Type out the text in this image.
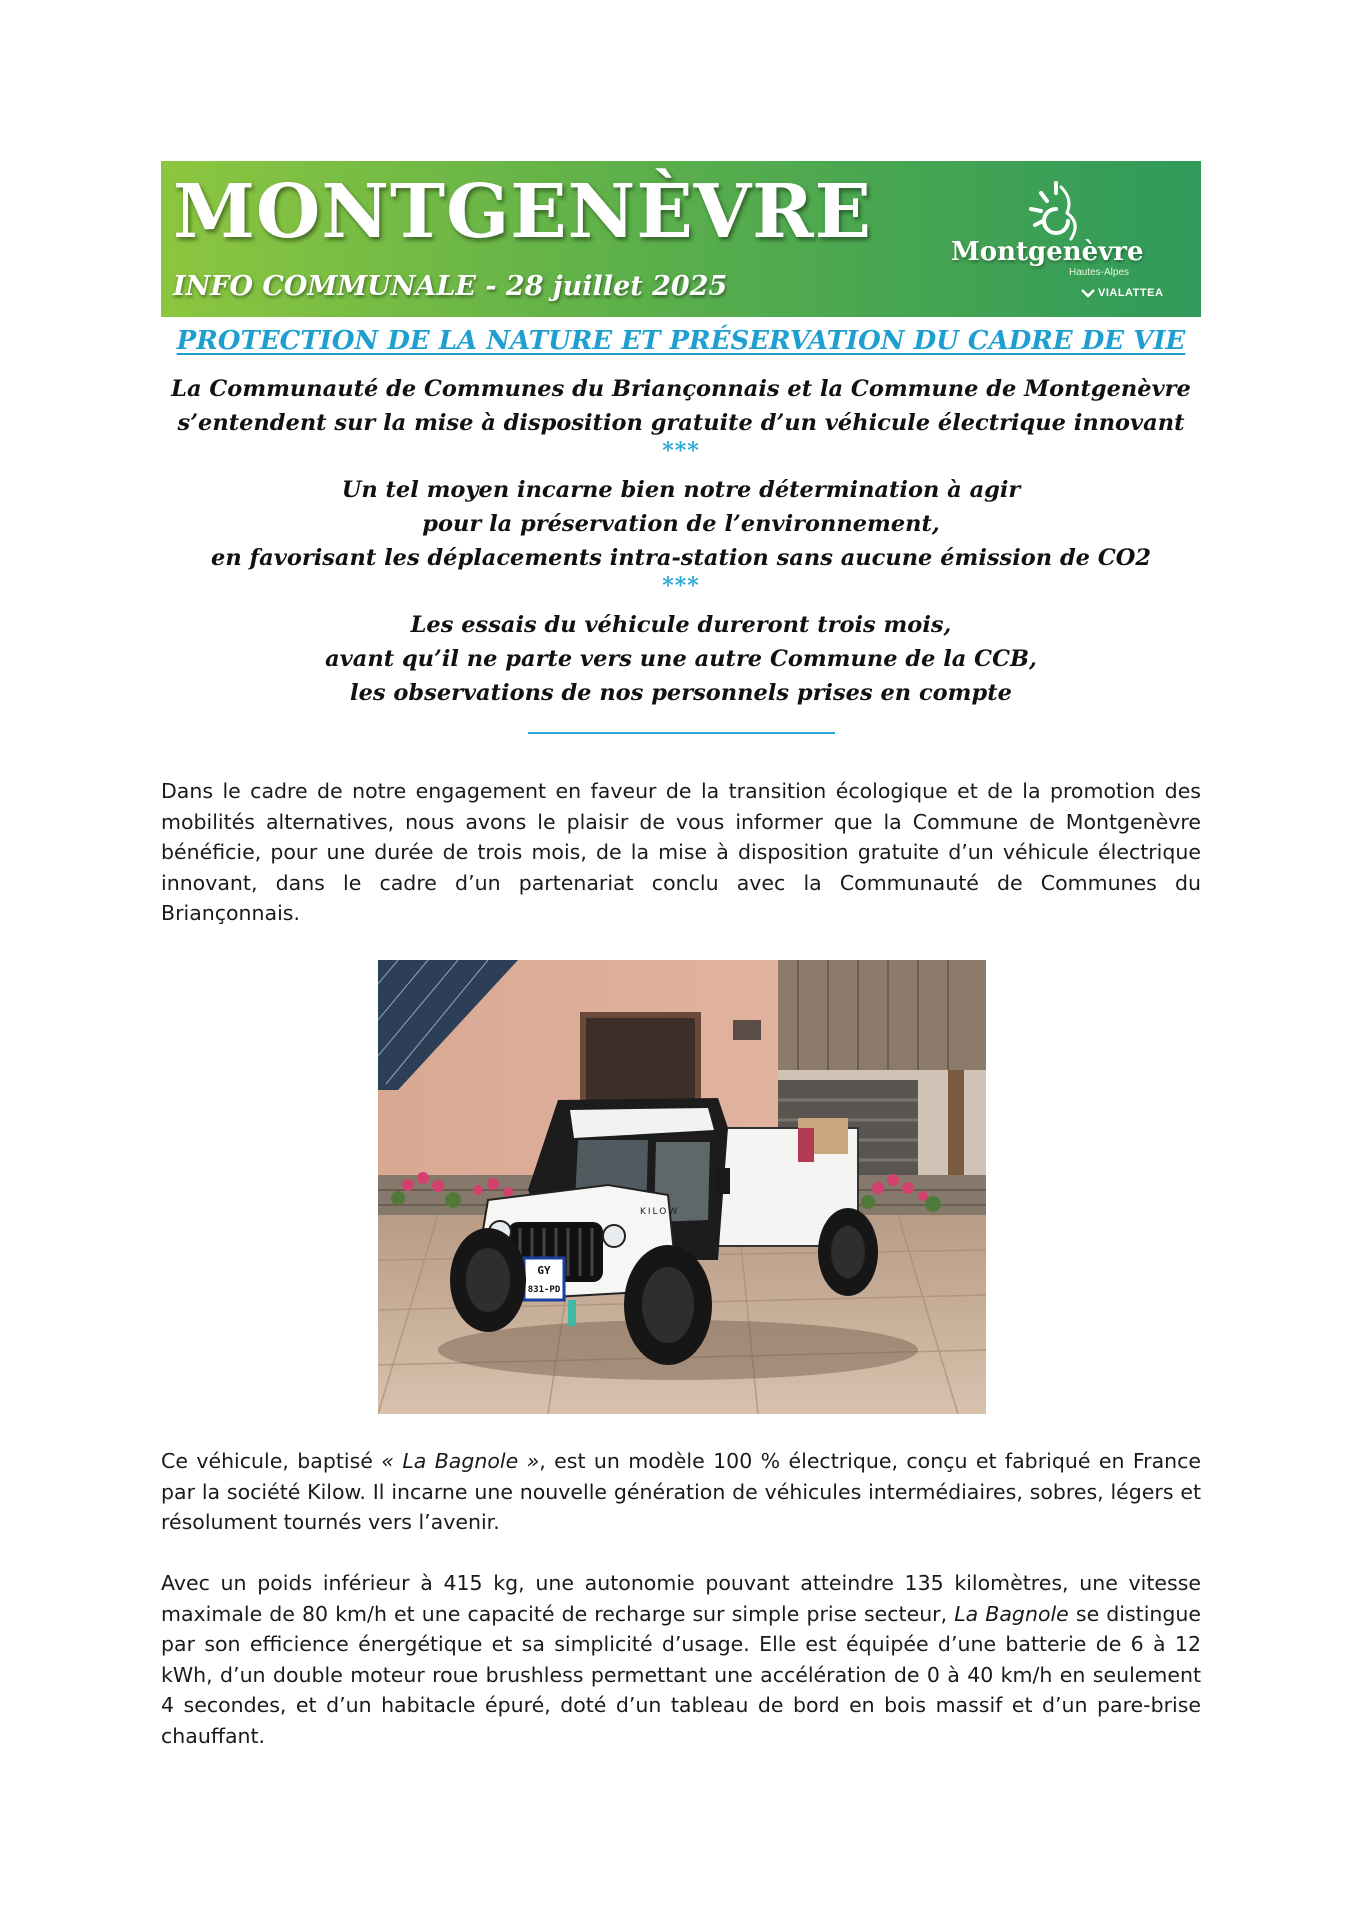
MONTGENÈVRE
INFO COMMUNALE - 28 juillet 2025
Montgenèvre
Hautes-Alpes
VIALATTEA
PROTECTION DE LA NATURE ET PRÉSERVATION DU CADRE DE VIE
La Communauté de Communes du Briançonnais et la Commune de Montgenèvre
s’entendent sur la mise à disposition gratuite d’un véhicule électrique innovant
***
Un tel moyen incarne bien notre détermination à agir
pour la préservation de l’environnement,
en favorisant les déplacements intra-station sans aucune émission de CO2
***
Les essais du véhicule dureront trois mois,
avant qu’il ne parte vers une autre Commune de la CCB,
les observations de nos personnels prises en compte

Dans le cadre de notre engagement en faveur de la transition écologique et de la promotion des mobilités alternatives, nous avons le plaisir de vous informer que la Commune de Montgenèvre bénéficie, pour une durée de trois mois, de la mise à disposition gratuite d’un véhicule électrique innovant, dans le cadre d’un partenariat conclu avec la Communauté de Communes du Briançonnais.

GY
831-PD
KILOW

Ce véhicule, baptisé « La Bagnole », est un modèle 100 % électrique, conçu et fabriqué en France par la société Kilow. Il incarne une nouvelle génération de véhicules intermédiaires, sobres, légers et résolument tournés vers l’avenir.

Avec un poids inférieur à 415 kg, une autonomie pouvant atteindre 135 kilomètres, une vitesse maximale de 80 km/h et une capacité de recharge sur simple prise secteur, La Bagnole se distingue par son efficience énergétique et sa simplicité d’usage. Elle est équipée d’une batterie de 6 à 12 kWh, d’un double moteur roue brushless permettant une accélération de 0 à 40 km/h en seulement 4 secondes, et d’un habitacle épuré, doté d’un tableau de bord en bois massif et d’un pare-brise chauffant.
